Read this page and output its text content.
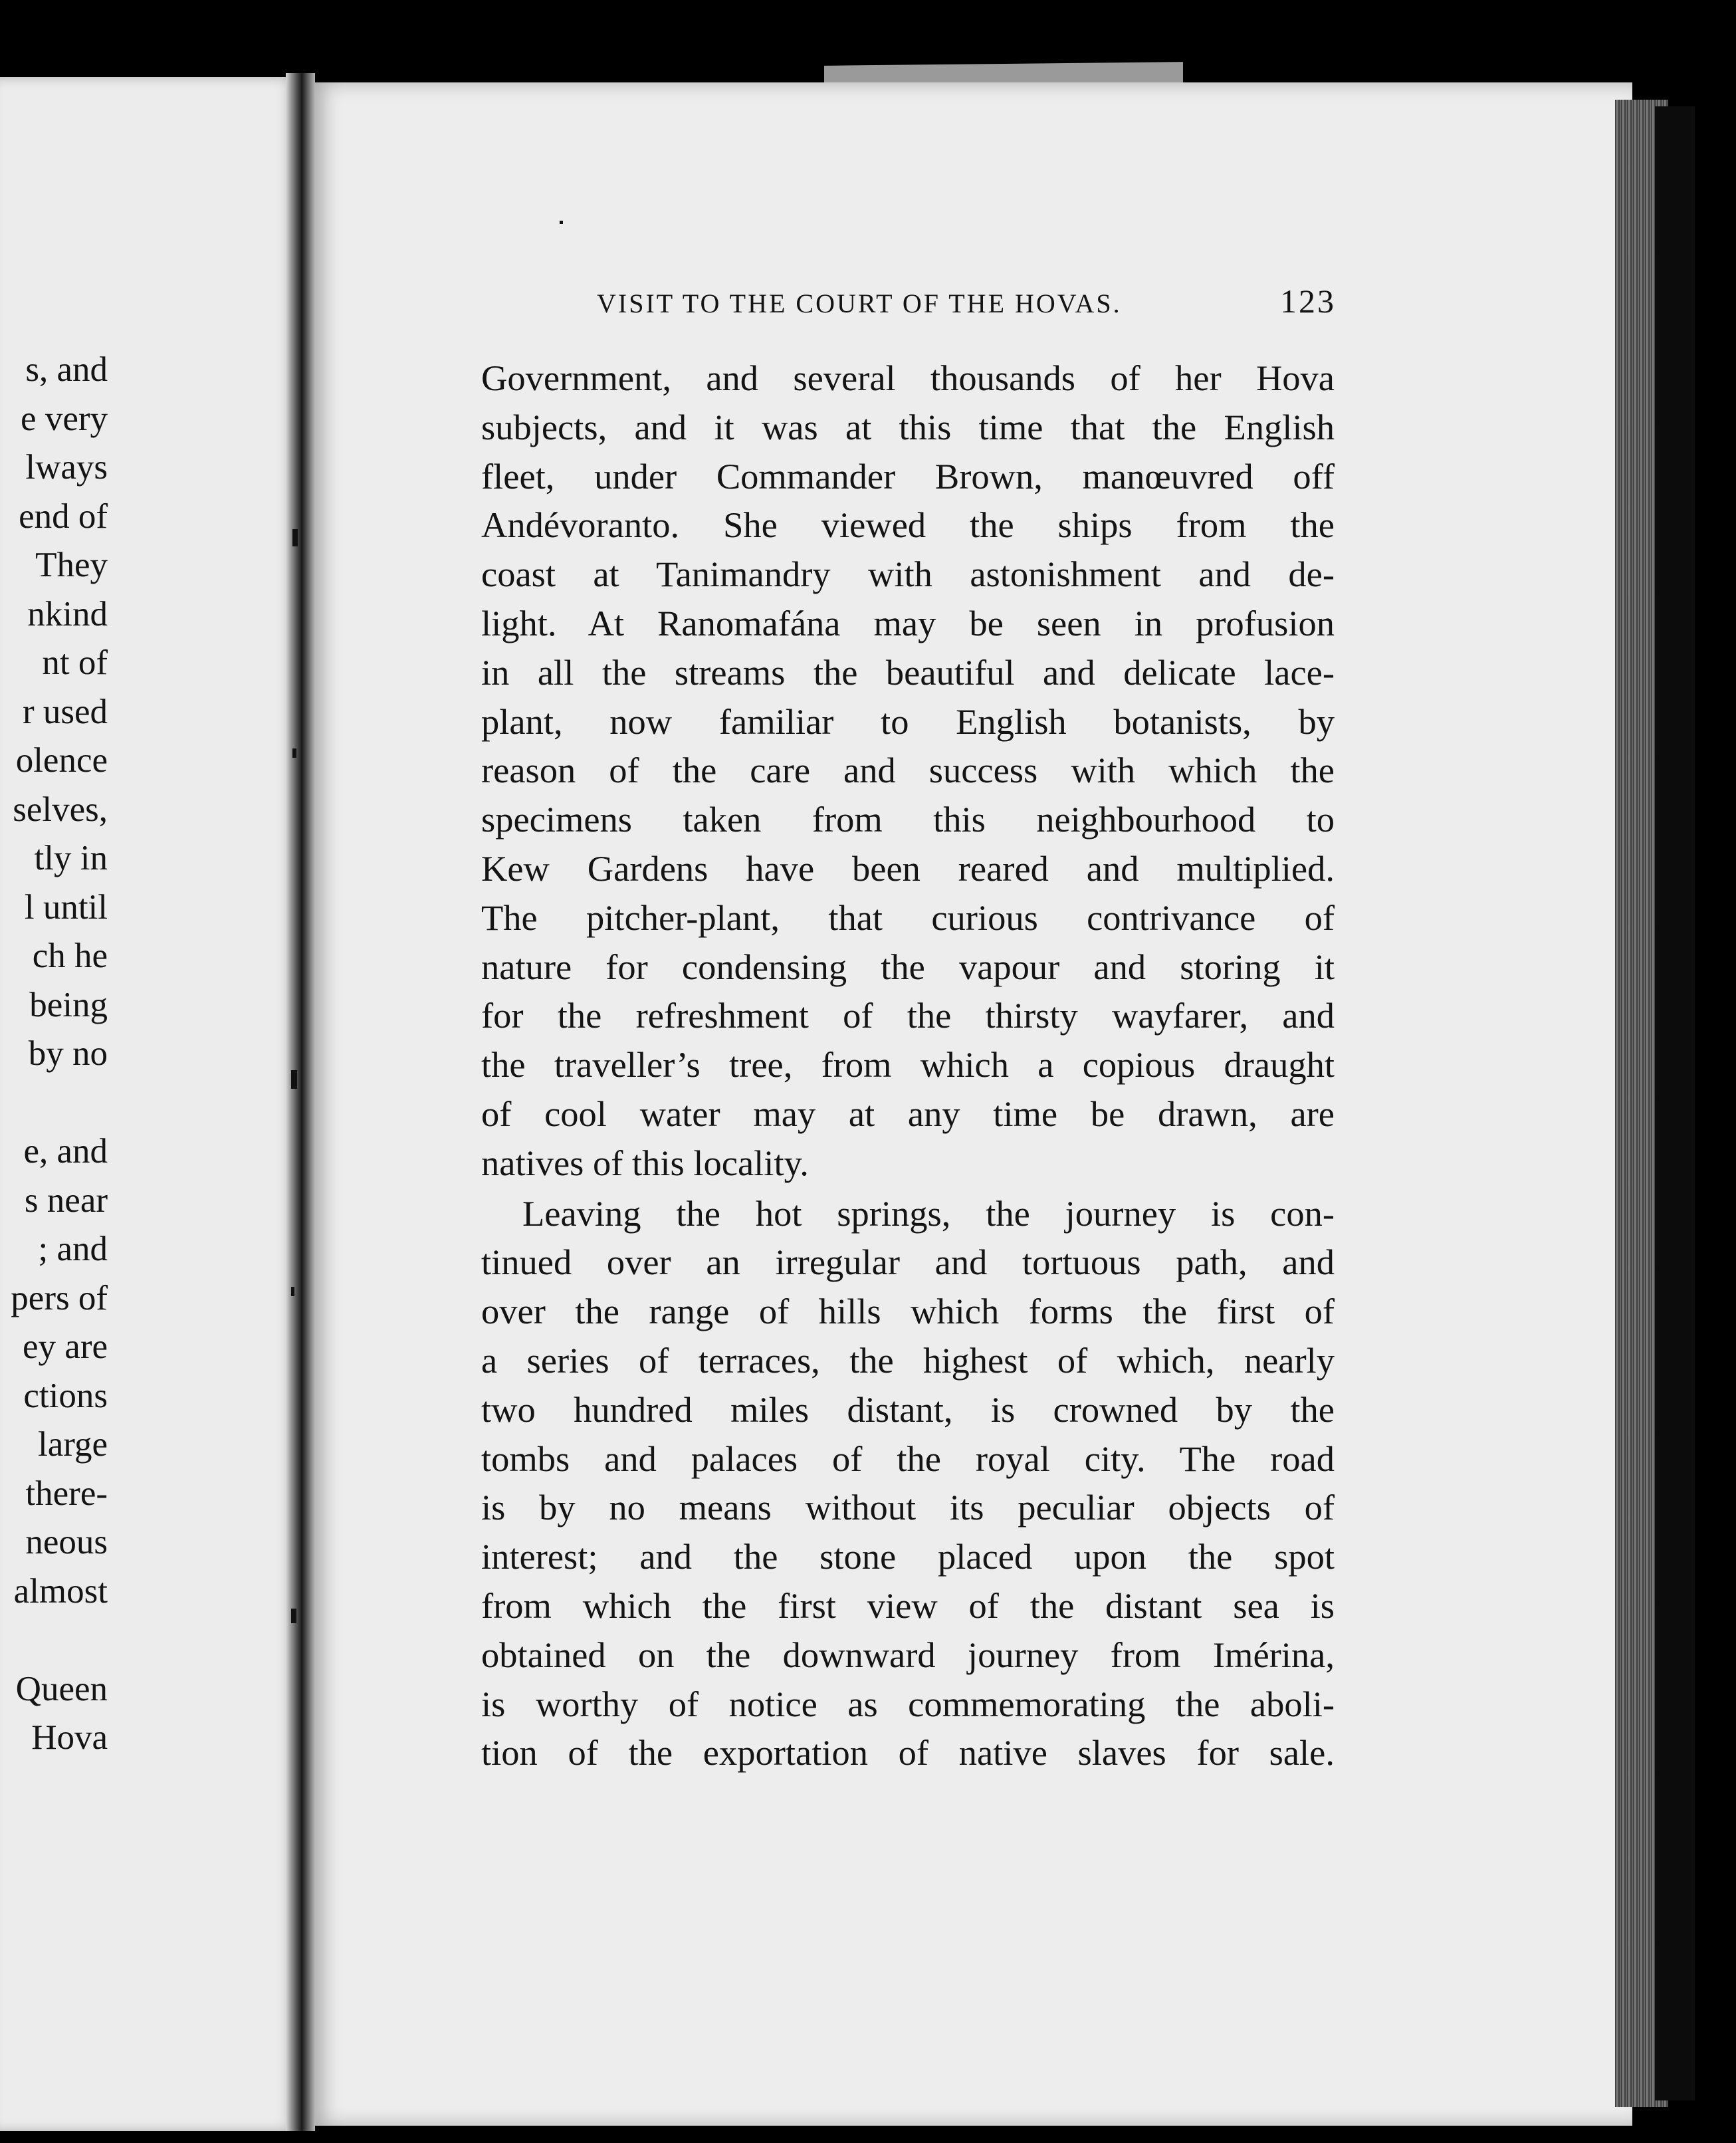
s, and
e very
lways
end of
They
nkind
nt of
r used
olence
selves,
tly in
l until
ch he
being
by no
e, and
s near
; and
pers of
ey are
ctions
large
there-
neous
almost
Queen
Hova
VISIT TO THE COURT OF THE HOVAS.	123
Government, and several thousands of her Hova
subjects, and it was at this time that the English
fleet, under Commander Brown, manœuvred off
Andévoranto. She viewed the ships from the
coast at Tanimandry with astonishment and de-
light. At Ranomafána may be seen in profusion
in all the streams the beautiful and delicate lace-
plant, now familiar to English botanists, by
reason of the care and success with which the
specimens taken from this neighbourhood to
Kew Gardens have been reared and multiplied.
The pitcher-plant, that curious contrivance of
nature for condensing the vapour and storing it
for the refreshment of the thirsty wayfarer, and
the traveller’s tree, from which a copious draught
of cool water may at any time be drawn, are
natives of this locality.
Leaving the hot springs, the journey is con-
tinued over an irregular and tortuous path, and
over the range of hills which forms the first of
a series of terraces, the highest of which, nearly
two hundred miles distant, is crowned by the
tombs and palaces of the royal city. The road
is by no means without its peculiar objects of
interest; and the stone placed upon the spot
from which the first view of the distant sea is
obtained on the downward journey from Imérina,
is worthy of notice as commemorating the aboli-
tion of the exportation of native slaves for sale.
